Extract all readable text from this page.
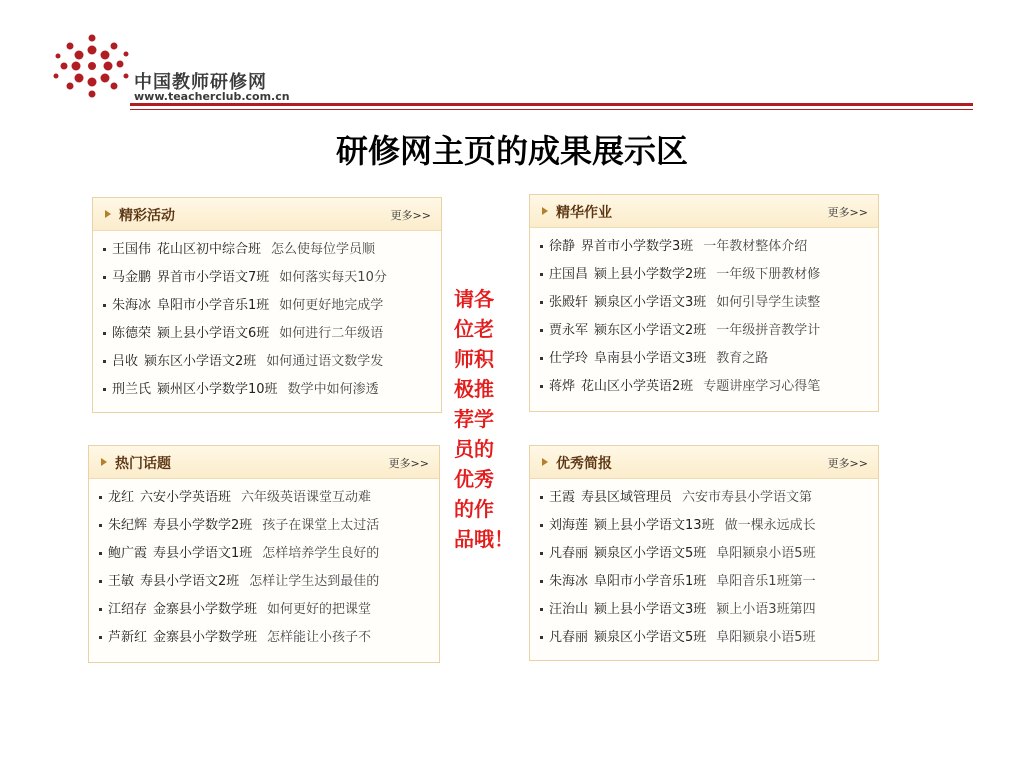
中国教师研修网
www.teacherclub.com.cn
研修网主页的成果展示区
精彩活动	更多>>
王国伟 花山区初中综合班 怎么使每位学员顺
马金鹏 界首市小学语文7班 如何落实每天10分
朱海冰 阜阳市小学音乐1班 如何更好地完成学
陈德荣 颍上县小学语文6班 如何进行二年级语
吕收 颍东区小学语文2班 如何通过语文数学发
刑兰氏 颍州区小学数学10班 数学中如何渗透
精华作业	更多>>
徐静 界首市小学数学3班 一年教材整体介绍
庄国昌 颍上县小学数学2班 一年级下册教材修
张殿轩 颍泉区小学语文3班 如何引导学生读整
贾永军 颍东区小学语文2班 一年级拼音教学计
仕学玲 阜南县小学语文3班 教育之路
蒋烨 花山区小学英语2班 专题讲座学习心得笔
热门话题	更多>>
龙红 六安小学英语班 六年级英语课堂互动难
朱纪辉 寿县小学数学2班 孩子在课堂上太过活
鲍广霞 寿县小学语文1班 怎样培养学生良好的
王敏 寿县小学语文2班 怎样让学生达到最佳的
江绍存 金寨县小学数学班 如何更好的把课堂
芦新红 金寨县小学数学班 怎样能让小孩子不
优秀简报	更多>>
王霞 寿县区域管理员 六安市寿县小学语文第
刘海莲 颍上县小学语文13班 做一棵永远成长
凡春丽 颍泉区小学语文5班 阜阳颍泉小语5班
朱海冰 阜阳市小学音乐1班 阜阳音乐1班第一
汪治山 颍上县小学语文3班 颍上小语3班第四
凡春丽 颍泉区小学语文5班 阜阳颍泉小语5班
请各
位老
师积
极推
荐学
员的
优秀
的作
品哦！
